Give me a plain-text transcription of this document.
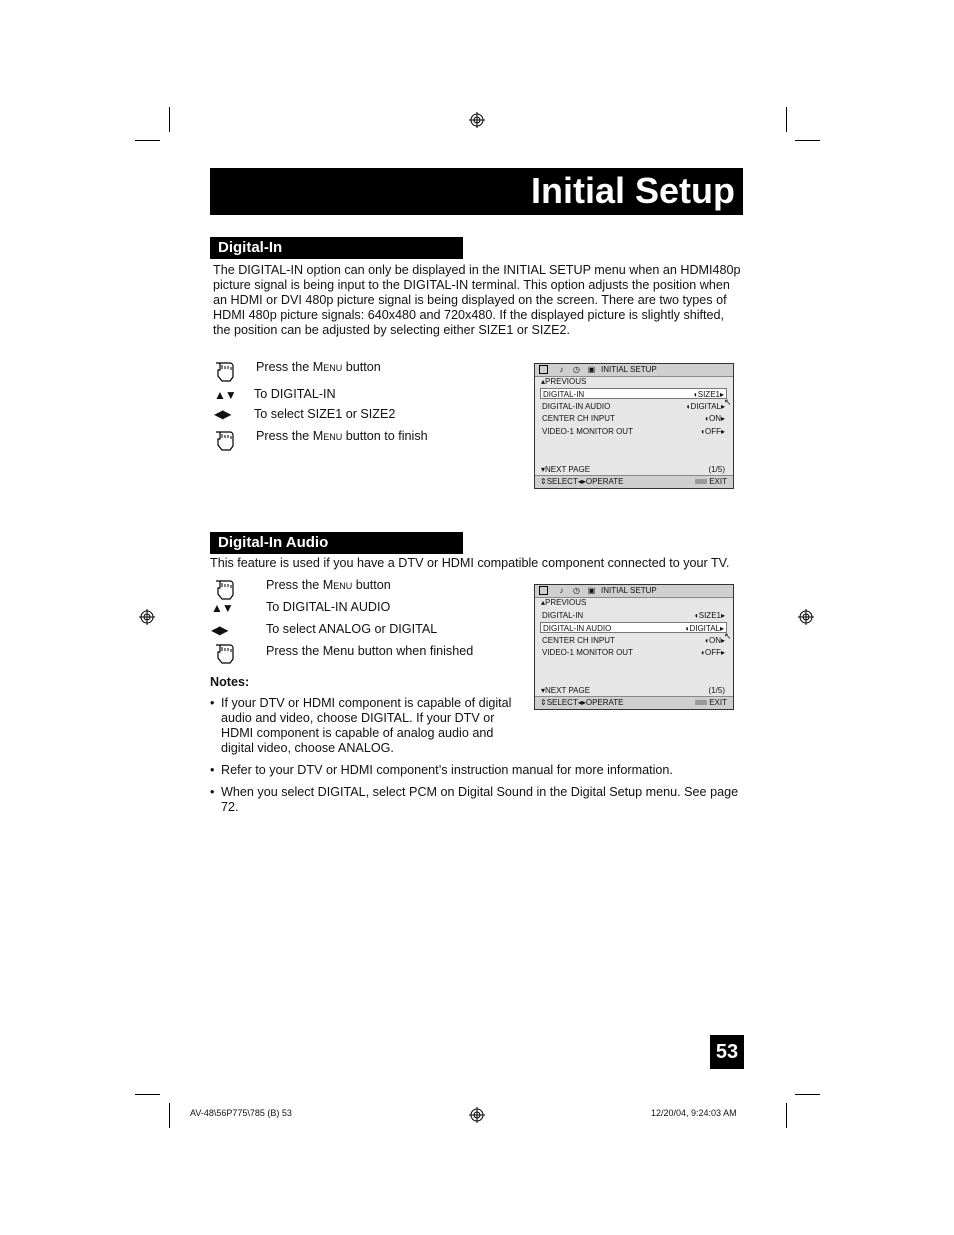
Initial Setup
Digital-In
The DIGITAL-IN option can only be displayed in the INITIAL SETUP menu when an HDMI480p
picture signal is being input to the DIGITAL-IN terminal. This option adjusts the position when
an HDMI or DVI 480p picture signal is being displayed on the screen. There are two types of
HDMI 480p picture signals: 640x480 and 720x480. If the displayed picture is slightly shifted,
the position can be adjusted by selecting either SIZE1 or SIZE2.
Press the Menu button
▲▼ To DIGITAL-IN
◀▶ To select SIZE1 or SIZE2
Press the Menu button to finish
♪	◷ ▣ INITIAL SETUP
▴PREVIOUS
DIGITAL-IN	◖SIZE1▸
DIGITAL-IN AUDIO	◖DIGITAL▸
CENTER CH INPUT	◖ON▸
VIDEO-1 MONITOR OUT	◖OFF▸
↖
▾NEXT PAGE	(1/5)
⇕SELECT◂▸OPERATE	EXIT
Digital-In Audio
This feature is used if you have a DTV or HDMI compatible component connected to your TV.
Press the Menu button
▲▼	To DIGITAL-IN AUDIO
◀▶	To select ANALOG or DIGITAL
Press the Menu button when finished
♪	◷ ▣ INITIAL SETUP
▴PREVIOUS
DIGITAL-IN	◖SIZE1▸
DIGITAL-IN AUDIO	◖DIGITAL▸
CENTER CH INPUT	◖ON▸
VIDEO-1 MONITOR OUT	◖OFF▸
↖
▾NEXT PAGE	(1/5)
⇕SELECT◂▸OPERATE	EXIT
Notes:
• If your DTV or HDMI component is capable of digital
audio and video, choose DIGITAL. If your DTV or
HDMI component is capable of analog audio and
digital video, choose ANALOG.
• Refer to your DTV or HDMI component’s instruction manual for more information.
• When you select DIGITAL, select PCM on Digital Sound in the Digital Setup menu. See page
72.
53
AV-48\56P775\785 (B) 53	12/20/04, 9:24:03 AM
